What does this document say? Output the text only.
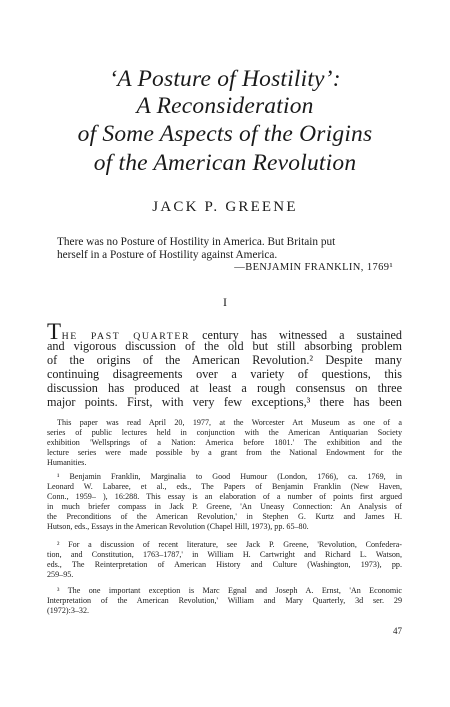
‘A Posture of Hostility’:
A Reconsideration
of Some Aspects of the Origins
of the American Revolution
JACK P. GREENE
There was no Posture of Hostility in America. But Britain put
herself in a Posture of Hostility against America.
—BENJAMIN FRANKLIN, 1769¹
I
THE PAST QUARTER century has witnessed a sustained
and vigorous discussion of the old but still absorbing problem
of the origins of the American Revolution.² Despite many
continuing disagreements over a variety of questions, this
discussion has produced at least a rough consensus on three
major points. First, with very few exceptions,³ there has been
This paper was read April 20, 1977, at the Worcester Art Museum as one of a
series of public lectures held in conjunction with the American Antiquarian Society
exhibition 'Wellsprings of a Nation: America before 1801.' The exhibition and the
lecture series were made possible by a grant from the National Endowment for the
Humanities.
¹ Benjamin Franklin, Marginalia to Good Humour (London, 1766), ca. 1769, in
Leonard W. Labaree, et al., eds., The Papers of Benjamin Franklin (New Haven,
Conn., 1959– ), 16:288. This essay is an elaboration of a number of points first argued
in much briefer compass in Jack P. Greene, 'An Uneasy Connection: An Analysis of
the Preconditions of the American Revolution,' in Stephen G. Kurtz and James H.
Hutson, eds., Essays in the American Revolution (Chapel Hill, 1973), pp. 65–80.
² For a discussion of recent literature, see Jack P. Greene, 'Revolution, Confedera-
tion, and Constitution, 1763–1787,' in William H. Cartwright and Richard L. Watson,
eds., The Reinterpretation of American History and Culture (Washington, 1973), pp.
259–95.
³ The one important exception is Marc Egnal and Joseph A. Ernst, 'An Economic
Interpretation of the American Revolution,' William and Mary Quarterly, 3d ser. 29
(1972):3–32.
47
